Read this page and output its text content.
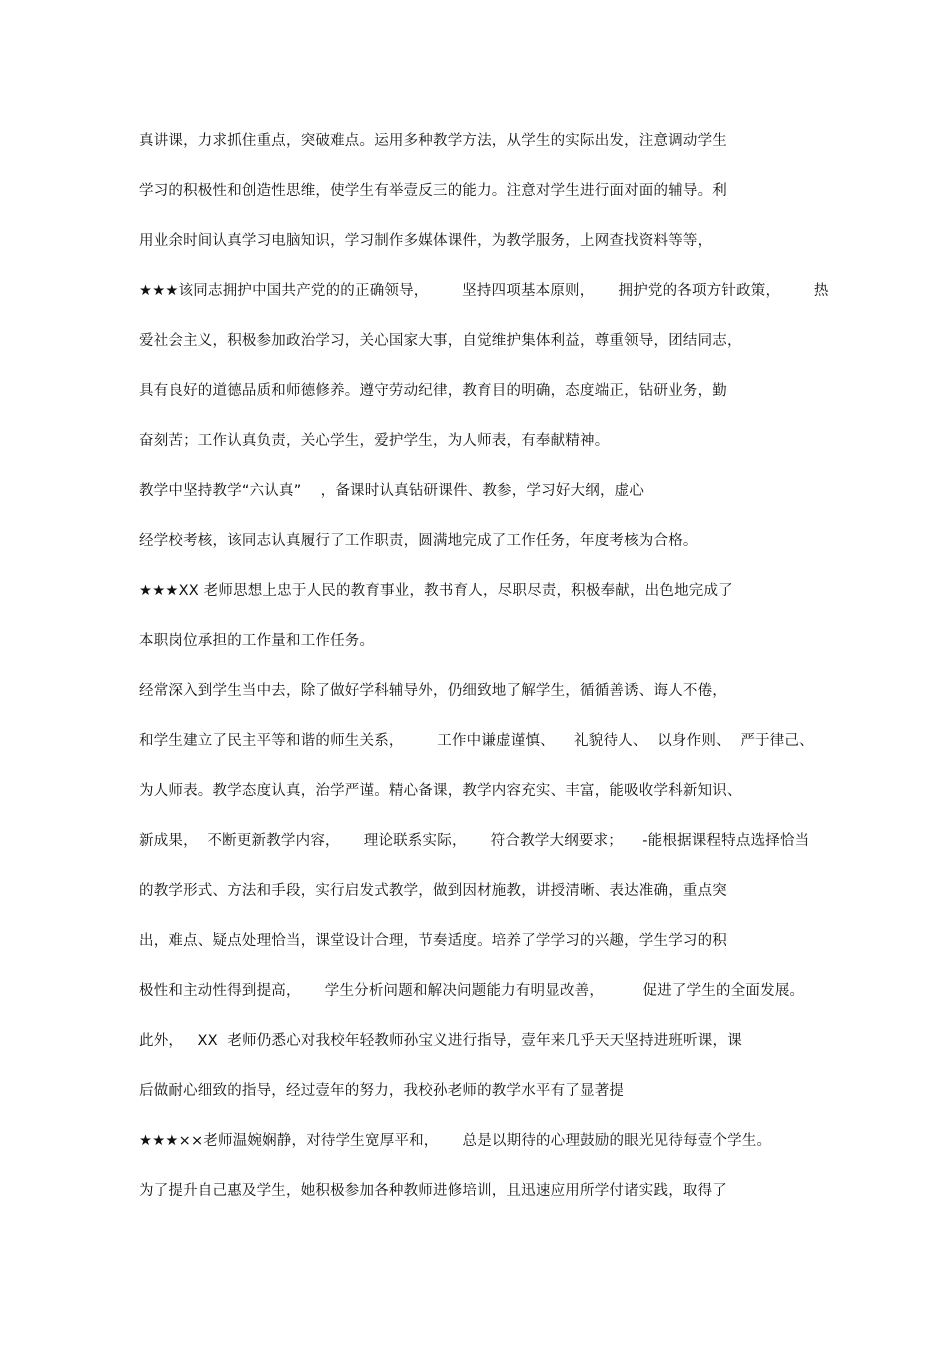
真讲课，力求抓住重点，突破难点。运用多种教学方法，从学生的实际出发，注意调动学生
学习的积极性和创造性思维，使学生有举壹反三的能力。注意对学生进行面对面的辅导。利
用业余时间认真学习电脑知识，学习制作多媒体课件，为教学服务，上网查找资料等等，
★★★该同志拥护中国共产党的的正确领导，       坚持四项基本原则，     拥护党的各项方针政策，       热
爱社会主义，积极参加政治学习，关心国家大事，自觉维护集体利益，尊重领导，团结同志，
具有良好的道德品质和师德修养。遵守劳动纪律，教育目的明确，态度端正，钻研业务，勤
奋刻苦；工作认真负责，关心学生，爱护学生，为人师表，有奉献精神。
教学中坚持教学“六认真”    ，备课时认真钻研课件、教参，学习好大纲，虚心
经学校考核，该同志认真履行了工作职责，圆满地完成了工作任务，年度考核为合格。
★★★XX 老师思想上忠于人民的教育事业，教书育人，尽职尽责，积极奉献，出色地完成了
本职岗位承担的工作量和工作任务。
经常深入到学生当中去，除了做好学科辅导外，仍细致地了解学生，循循善诱、诲人不倦，
和学生建立了民主平等和谐的师生关系，       工作中谦虚谨慎、    礼貌待人、  以身作则、  严于律己、
为人师表。教学态度认真，治学严谨。精心备课，教学内容充实、丰富，能吸收学科新知识、
新成果，  不断更新教学内容，     理论联系实际，     符合教学大纲要求；    -能根据课程特点选择恰当
的教学形式、方法和手段，实行启发式教学，做到因材施教，讲授清晰、表达准确，重点突
出，难点、疑点处理恰当，课堂设计合理，节奏适度。培养了学学习的兴趣，学生学习的积
极性和主动性得到提高，     学生分析问题和解决问题能力有明显改善，        促进了学生的全面发展。
此外，   XX  老师仍悉心对我校年轻教师孙宝义进行指导，壹年来几乎天天坚持进班听课，课
后做耐心细致的指导，经过壹年的努力，我校孙老师的教学水平有了显著提
★★★××老师温婉娴静，对待学生宽厚平和，     总是以期待的心理鼓励的眼光见待每壹个学生。
为了提升自己惠及学生，她积极参加各种教师进修培训，且迅速应用所学付诸实践，取得了
